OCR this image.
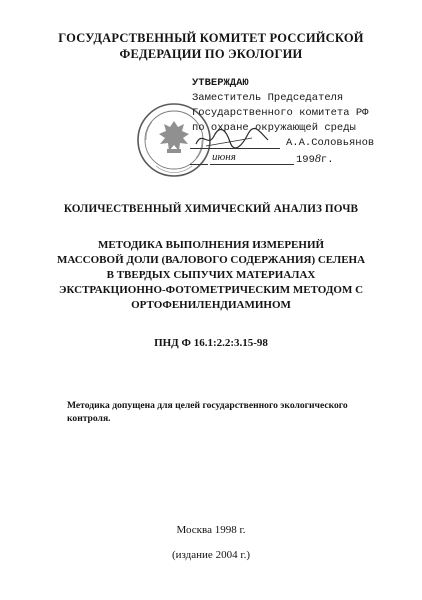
ГОСУДАРСТВЕННЫЙ КОМИТЕТ РОССИЙСКОЙ
ФЕДЕРАЦИИ ПО ЭКОЛОГИИ
УТВЕРЖДАЮ
Заместитель Председателя
Государственного комитета РФ
по охране окружающей среды
А.А.Соловьянов
июня	1998г.
КОЛИЧЕСТВЕННЫЙ ХИМИЧЕСКИЙ АНАЛИЗ ПОЧВ
МЕТОДИКА ВЫПОЛНЕНИЯ ИЗМЕРЕНИЙ
МАССОВОЙ ДОЛИ (ВАЛОВОГО СОДЕРЖАНИЯ) СЕЛЕНА
В ТВЕРДЫХ СЫПУЧИХ МАТЕРИАЛАХ
ЭКСТРАКЦИОННО-ФОТОМЕТРИЧЕСКИМ МЕТОДОМ С
ОРТОФЕНИЛЕНДИАМИНОМ
ПНД Ф 16.1:2.2:3.15-98
Методика допущена для целей государственного экологического
контроля.
Москва 1998 г.
(издание 2004 г.)
